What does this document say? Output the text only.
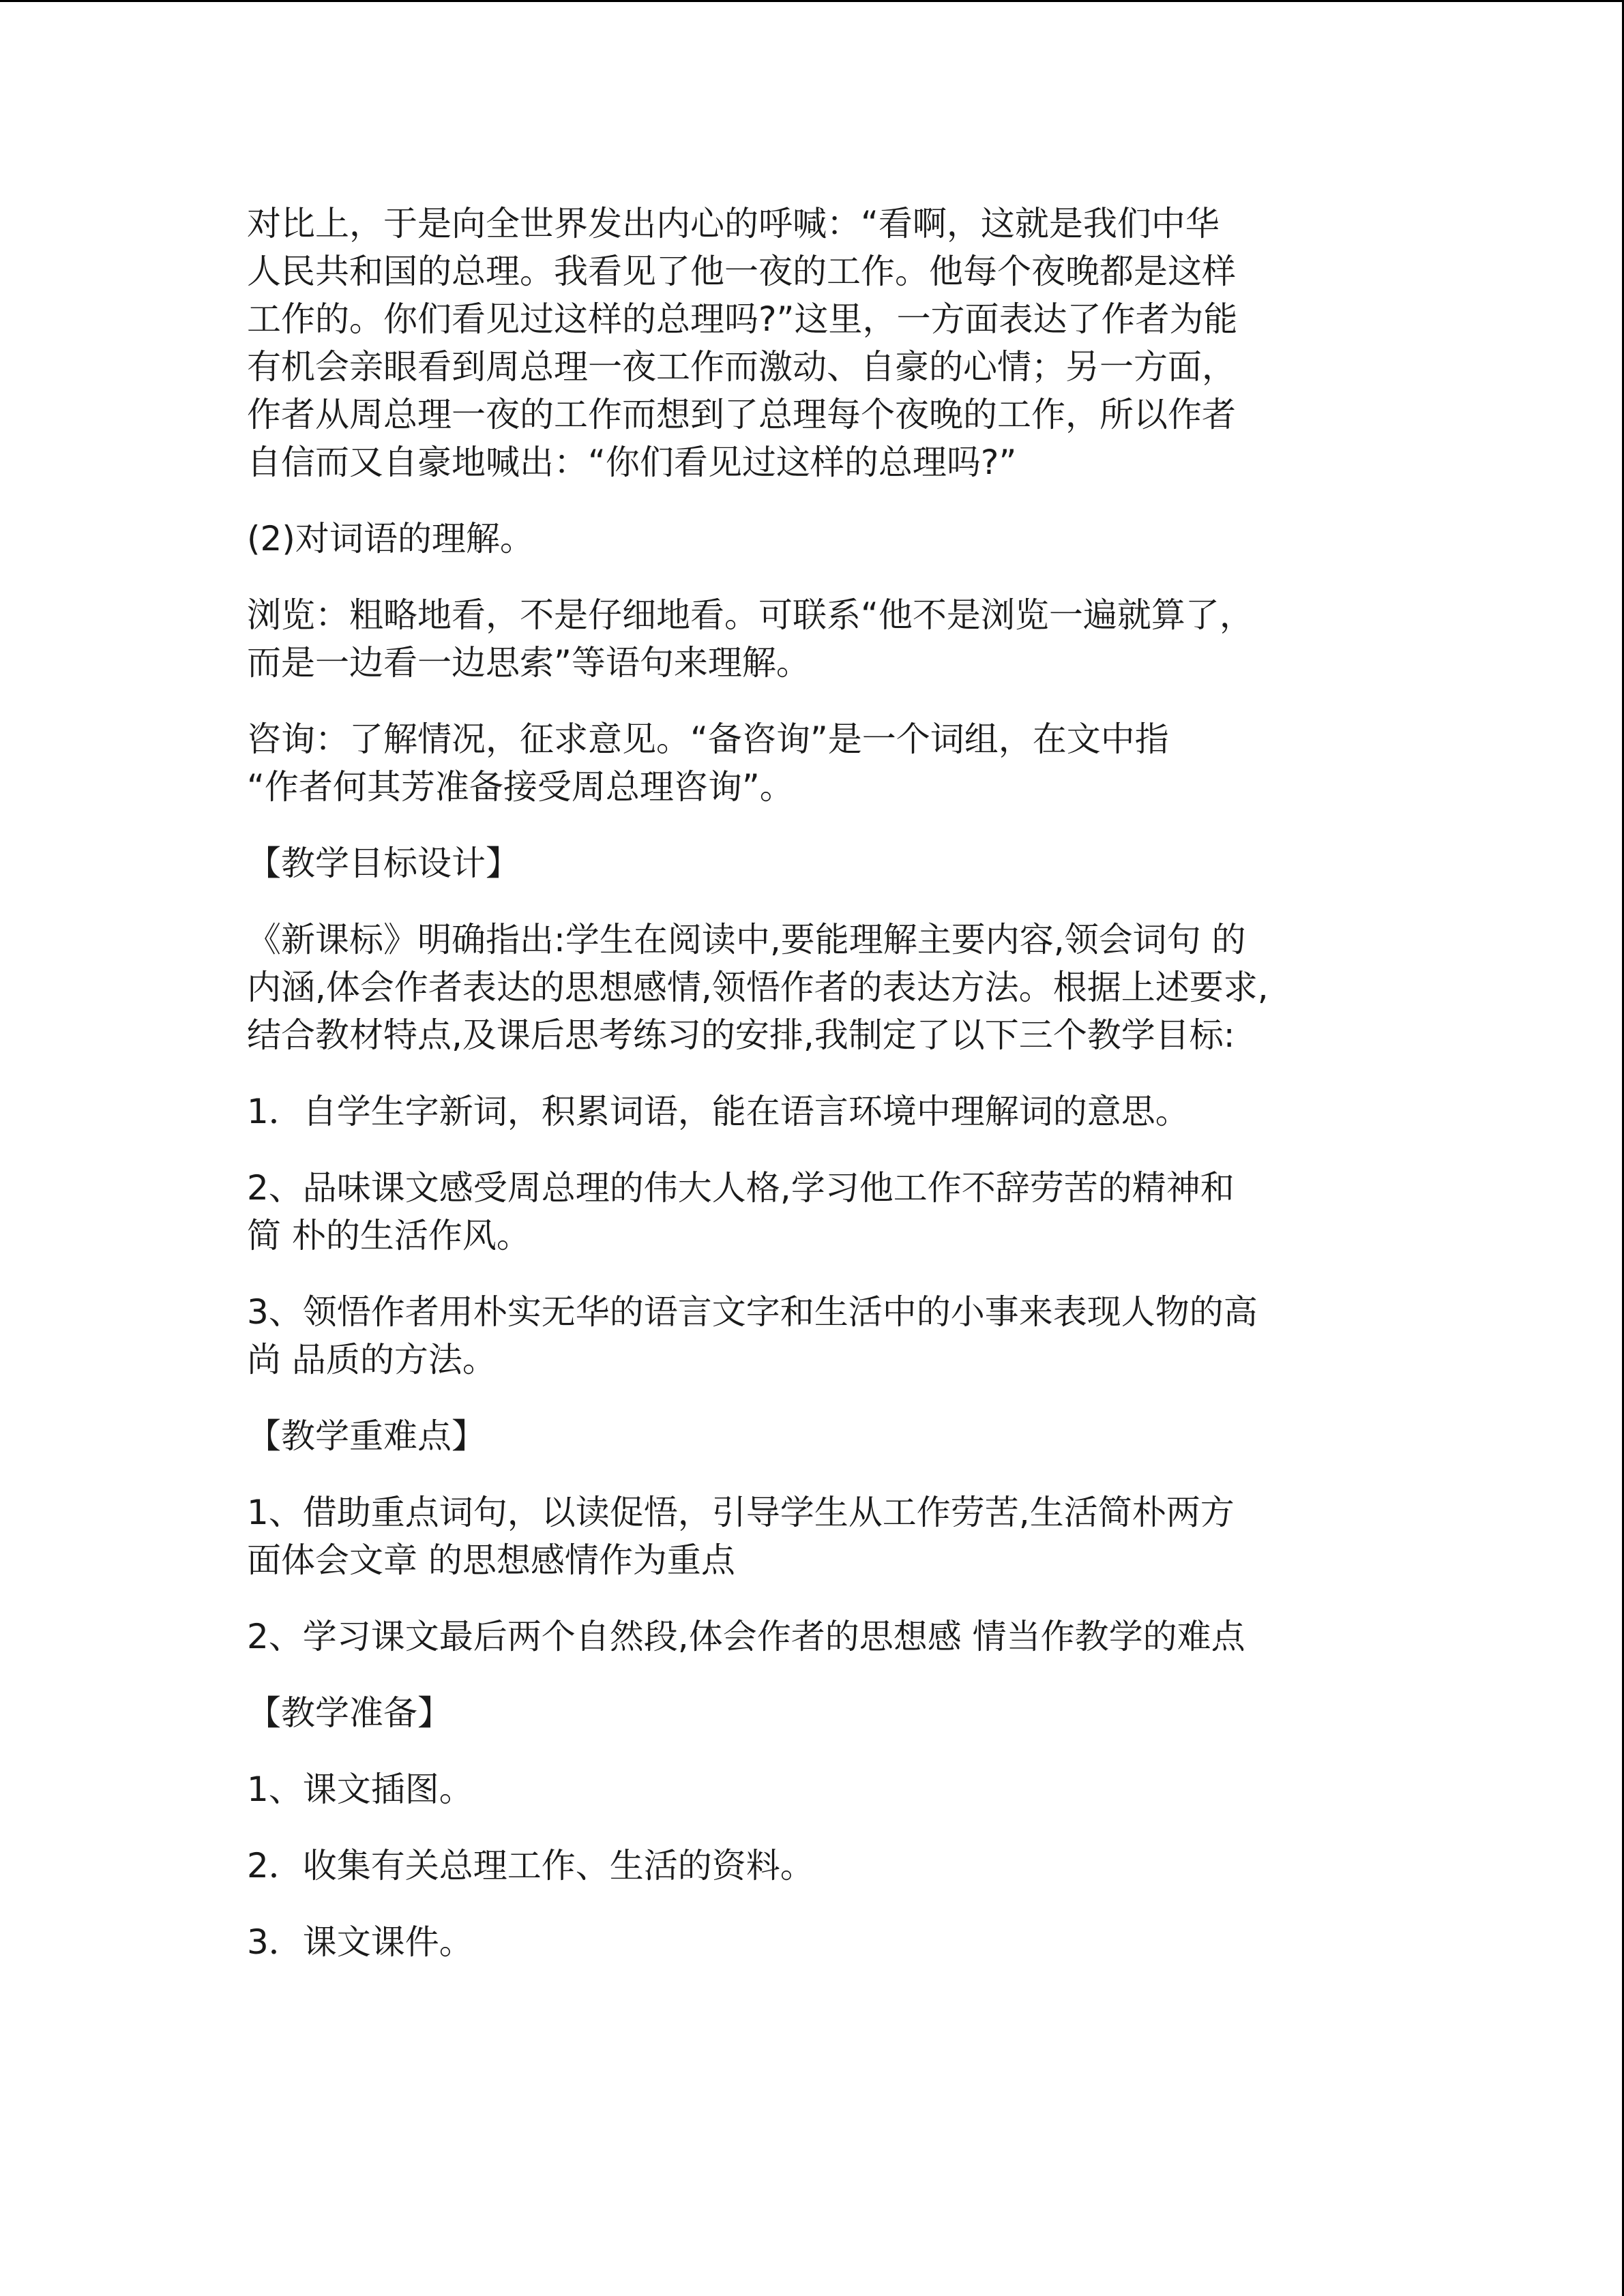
对比上，于是向全世界发出内心的呼喊：“看啊，这就是我们中华
人民共和国的总理。我看见了他一夜的工作。他每个夜晚都是这样
工作的。你们看见过这样的总理吗?”这里，一方面表达了作者为能
有机会亲眼看到周总理一夜工作而激动、自豪的心情；另一方面，
作者从周总理一夜的工作而想到了总理每个夜晚的工作，所以作者
自信而又自豪地喊出：“你们看见过这样的总理吗?”

(2)对词语的理解。

浏览：粗略地看，不是仔细地看。可联系“他不是浏览一遍就算了，
而是一边看一边思索”等语句来理解。

咨询：了解情况，征求意见。“备咨询”是一个词组，在文中指
“作者何其芳准备接受周总理咨询”。

【教学目标设计】

《新课标》明确指出:学生在阅读中,要能理解主要内容,领会词句 的
内涵,体会作者表达的思想感情,领悟作者的表达方法。根据上述要求,
结合教材特点,及课后思考练习的安排,我制定了以下三个教学目标:

1．自学生字新词，积累词语，能在语言环境中理解词的意思。

2、品味课文感受周总理的伟大人格,学习他工作不辞劳苦的精神和
简 朴的生活作风。

3、领悟作者用朴实无华的语言文字和生活中的小事来表现人物的高
尚 品质的方法。

【教学重难点】

1、借助重点词句，以读促悟，引导学生从工作劳苦,生活简朴两方
面体会文章 的思想感情作为重点

2、学习课文最后两个自然段,体会作者的思想感 情当作教学的难点

【教学准备】

1、课文插图。

2．收集有关总理工作、生活的资料。

3．课文课件。
